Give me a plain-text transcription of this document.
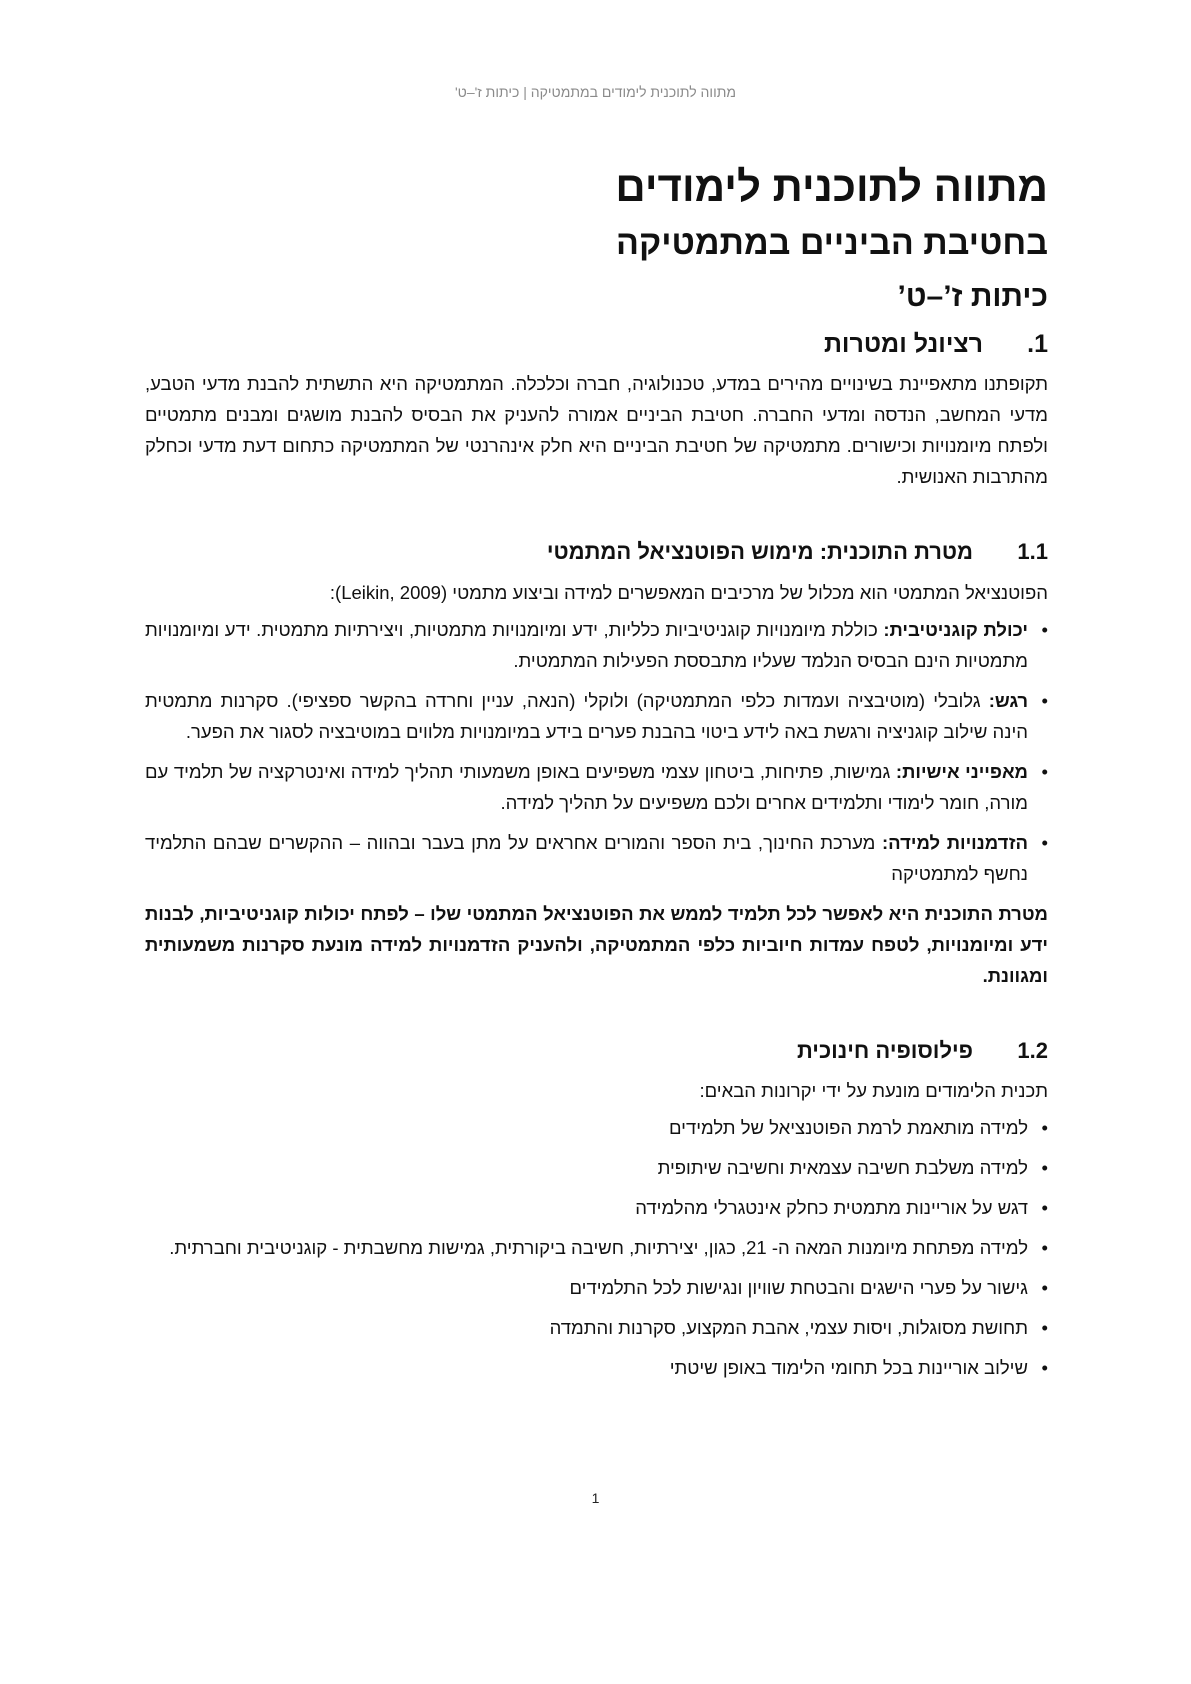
מתווה לתוכנית לימודים במתמטיקה | כיתות ז'–ט'
מתווה לתוכנית לימודים
בחטיבת הביניים במתמטיקה
כיתות ז’–ט’
1.רציונל ומטרות

תקופתנו מתאפיינת בשינויים מהירים במדע, טכנולוגיה, חברה וכלכלה. המתמטיקה היא התשתית להבנת מדעי הטבע, מדעי המחשב, הנדסה ומדעי החברה. חטיבת הביניים אמורה להעניק את הבסיס להבנת מושגים ומבנים מתמטיים ולפתח מיומנויות וכישורים. מתמטיקה של חטיבת הביניים היא חלק אינהרנטי של המתמטיקה כתחום דעת מדעי וכחלק מהתרבות האנושית.

1.1מטרת התוכנית: מימוש הפוטנציאל המתמטי

הפוטנציאל המתמטי הוא מכלול של מרכיבים המאפשרים למידה וביצוע מתמטי (Leikin, 2009):

•
יכולת קוגניטיבית: כוללת מיומנויות קוגניטיביות כלליות, ידע ומיומנויות מתמטיות, ויצירתיות מתמטית. ידע ומיומנויות מתמטיות הינם הבסיס הנלמד שעליו מתבססת הפעילות המתמטית.
•
רגש: גלובלי (מוטיבציה ועמדות כלפי המתמטיקה) ולוקלי (הנאה, עניין וחרדה בהקשר ספציפי). סקרנות מתמטית הינה שילוב קוגניציה ורגשת באה לידע ביטוי בהבנת פערים בידע במיומנויות מלווים במוטיבציה לסגור את הפער.
•
מאפייני אישיות: גמישות, פתיחות, ביטחון עצמי משפיעים באופן משמעותי תהליך למידה ואינטרקציה של תלמיד עם מורה, חומר לימודי ותלמידים אחרים ולכם משפיעים על תהליך למידה.
•
הזדמנויות למידה: מערכת החינוך, בית הספר והמורים אחראים על מתן בעבר ובהווה – ההקשרים שבהם התלמיד נחשף למתמטיקה

מטרת התוכנית היא לאפשר לכל תלמיד לממש את הפוטנציאל המתמטי שלו – לפתח יכולות קוגניטיביות, לבנות ידע ומיומנויות, לטפח עמדות חיוביות כלפי המתמטיקה, ולהעניק הזדמנויות למידה מונעת סקרנות משמעותית ומגוונת.

1.2פילוסופיה חינוכית

תכנית הלימודים מונעת על ידי יקרונות הבאים:

•
למידה מותאמת לרמת הפוטנציאל של תלמידים
•
למידה משלבת חשיבה עצמאית וחשיבה שיתופית
•
דגש על אוריינות מתמטית כחלק אינטגרלי מהלמידה
•
למידה מפתחת מיומנות המאה ה- 21, כגון, יצירתיות, חשיבה ביקורתית, גמישות מחשבתית - קוגניטיבית וחברתית.
•
גישור על פערי הישגים והבטחת שוויון ונגישות לכל התלמידים
•
תחושת מסוגלות, ויסות עצמי, אהבת המקצוע, סקרנות והתמדה
•
שילוב אוריינות בכל תחומי הלימוד באופן שיטתי
1
